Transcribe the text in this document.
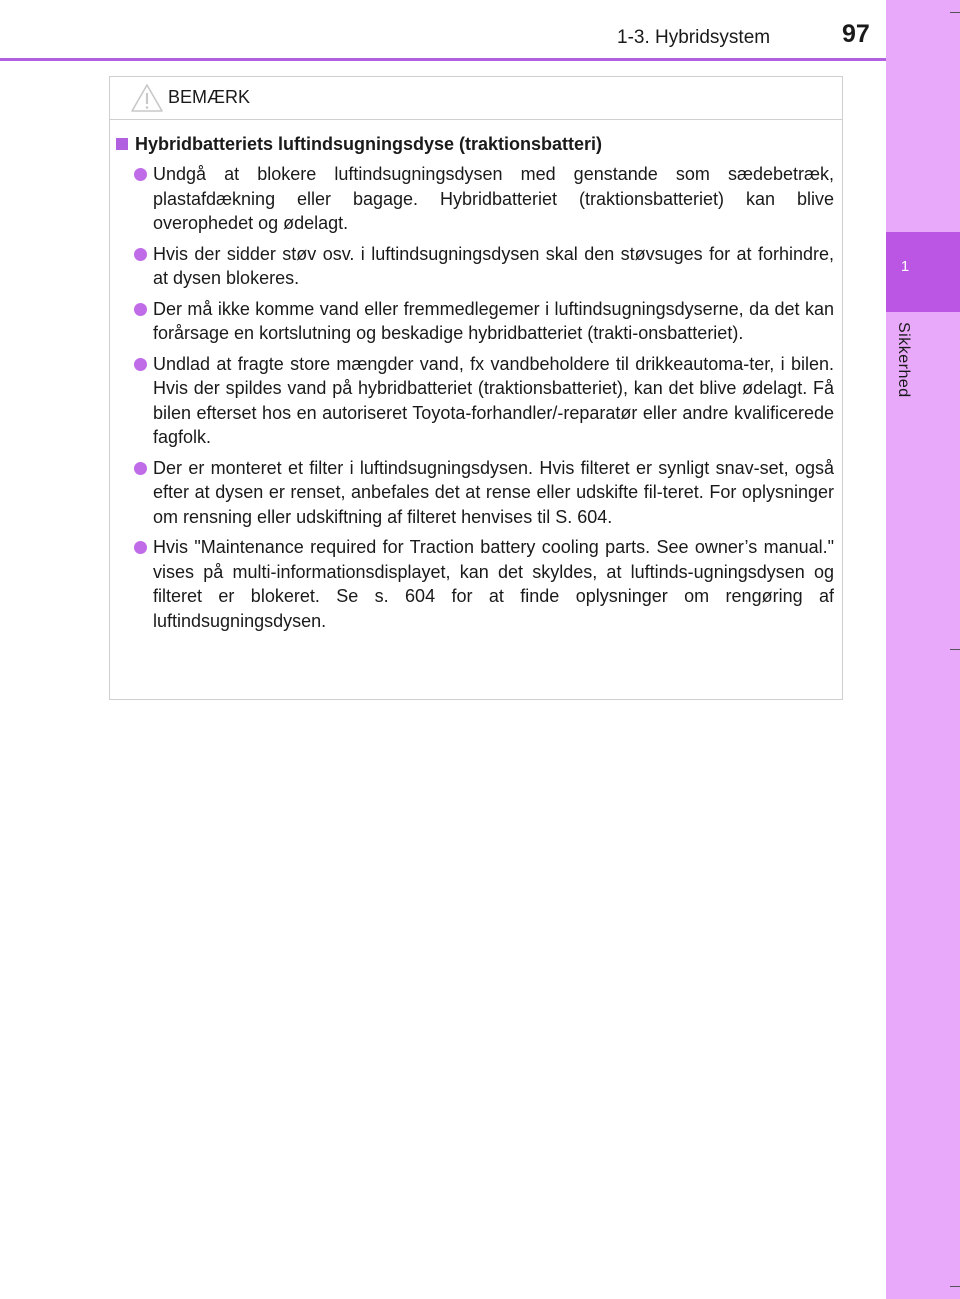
1
Sikkerhed
1-3. Hybridsystem	97
BEMÆRK
Hybridbatteriets luftindsugningsdyse (traktionsbatteri)
Undgå at blokere luftindsugningsdysen med genstande som sædebetræk, plastafdækning eller bagage. Hybridbatteriet (traktionsbatteriet) kan blive overophedet og ødelagt.
Hvis der sidder støv osv. i luftindsugningsdysen skal den støvsuges for at forhindre, at dysen blokeres.
Der må ikke komme vand eller fremmedlegemer i luftindsugningsdyserne, da det kan forårsage en kortslutning og beskadige hybridbatteriet (trakti-onsbatteriet).
Undlad at fragte store mængder vand, fx vandbeholdere til drikkeautoma-ter, i bilen. Hvis der spildes vand på hybridbatteriet (traktionsbatteriet), kan det blive ødelagt. Få bilen efterset hos en autoriseret Toyota-forhandler/-reparatør eller andre kvalificerede fagfolk.
Der er monteret et filter i luftindsugningsdysen. Hvis filteret er synligt snav-set, også efter at dysen er renset, anbefales det at rense eller udskifte fil-teret. For oplysninger om rensning eller udskiftning af filteret henvises til S. 604.
Hvis "Maintenance required for Traction battery cooling parts. See owner’s manual." vises på multi-informationsdisplayet, kan det skyldes, at luftinds-ugningsdysen og filteret er blokeret. Se s. 604 for at finde oplysninger om rengøring af luftindsugningsdysen.
